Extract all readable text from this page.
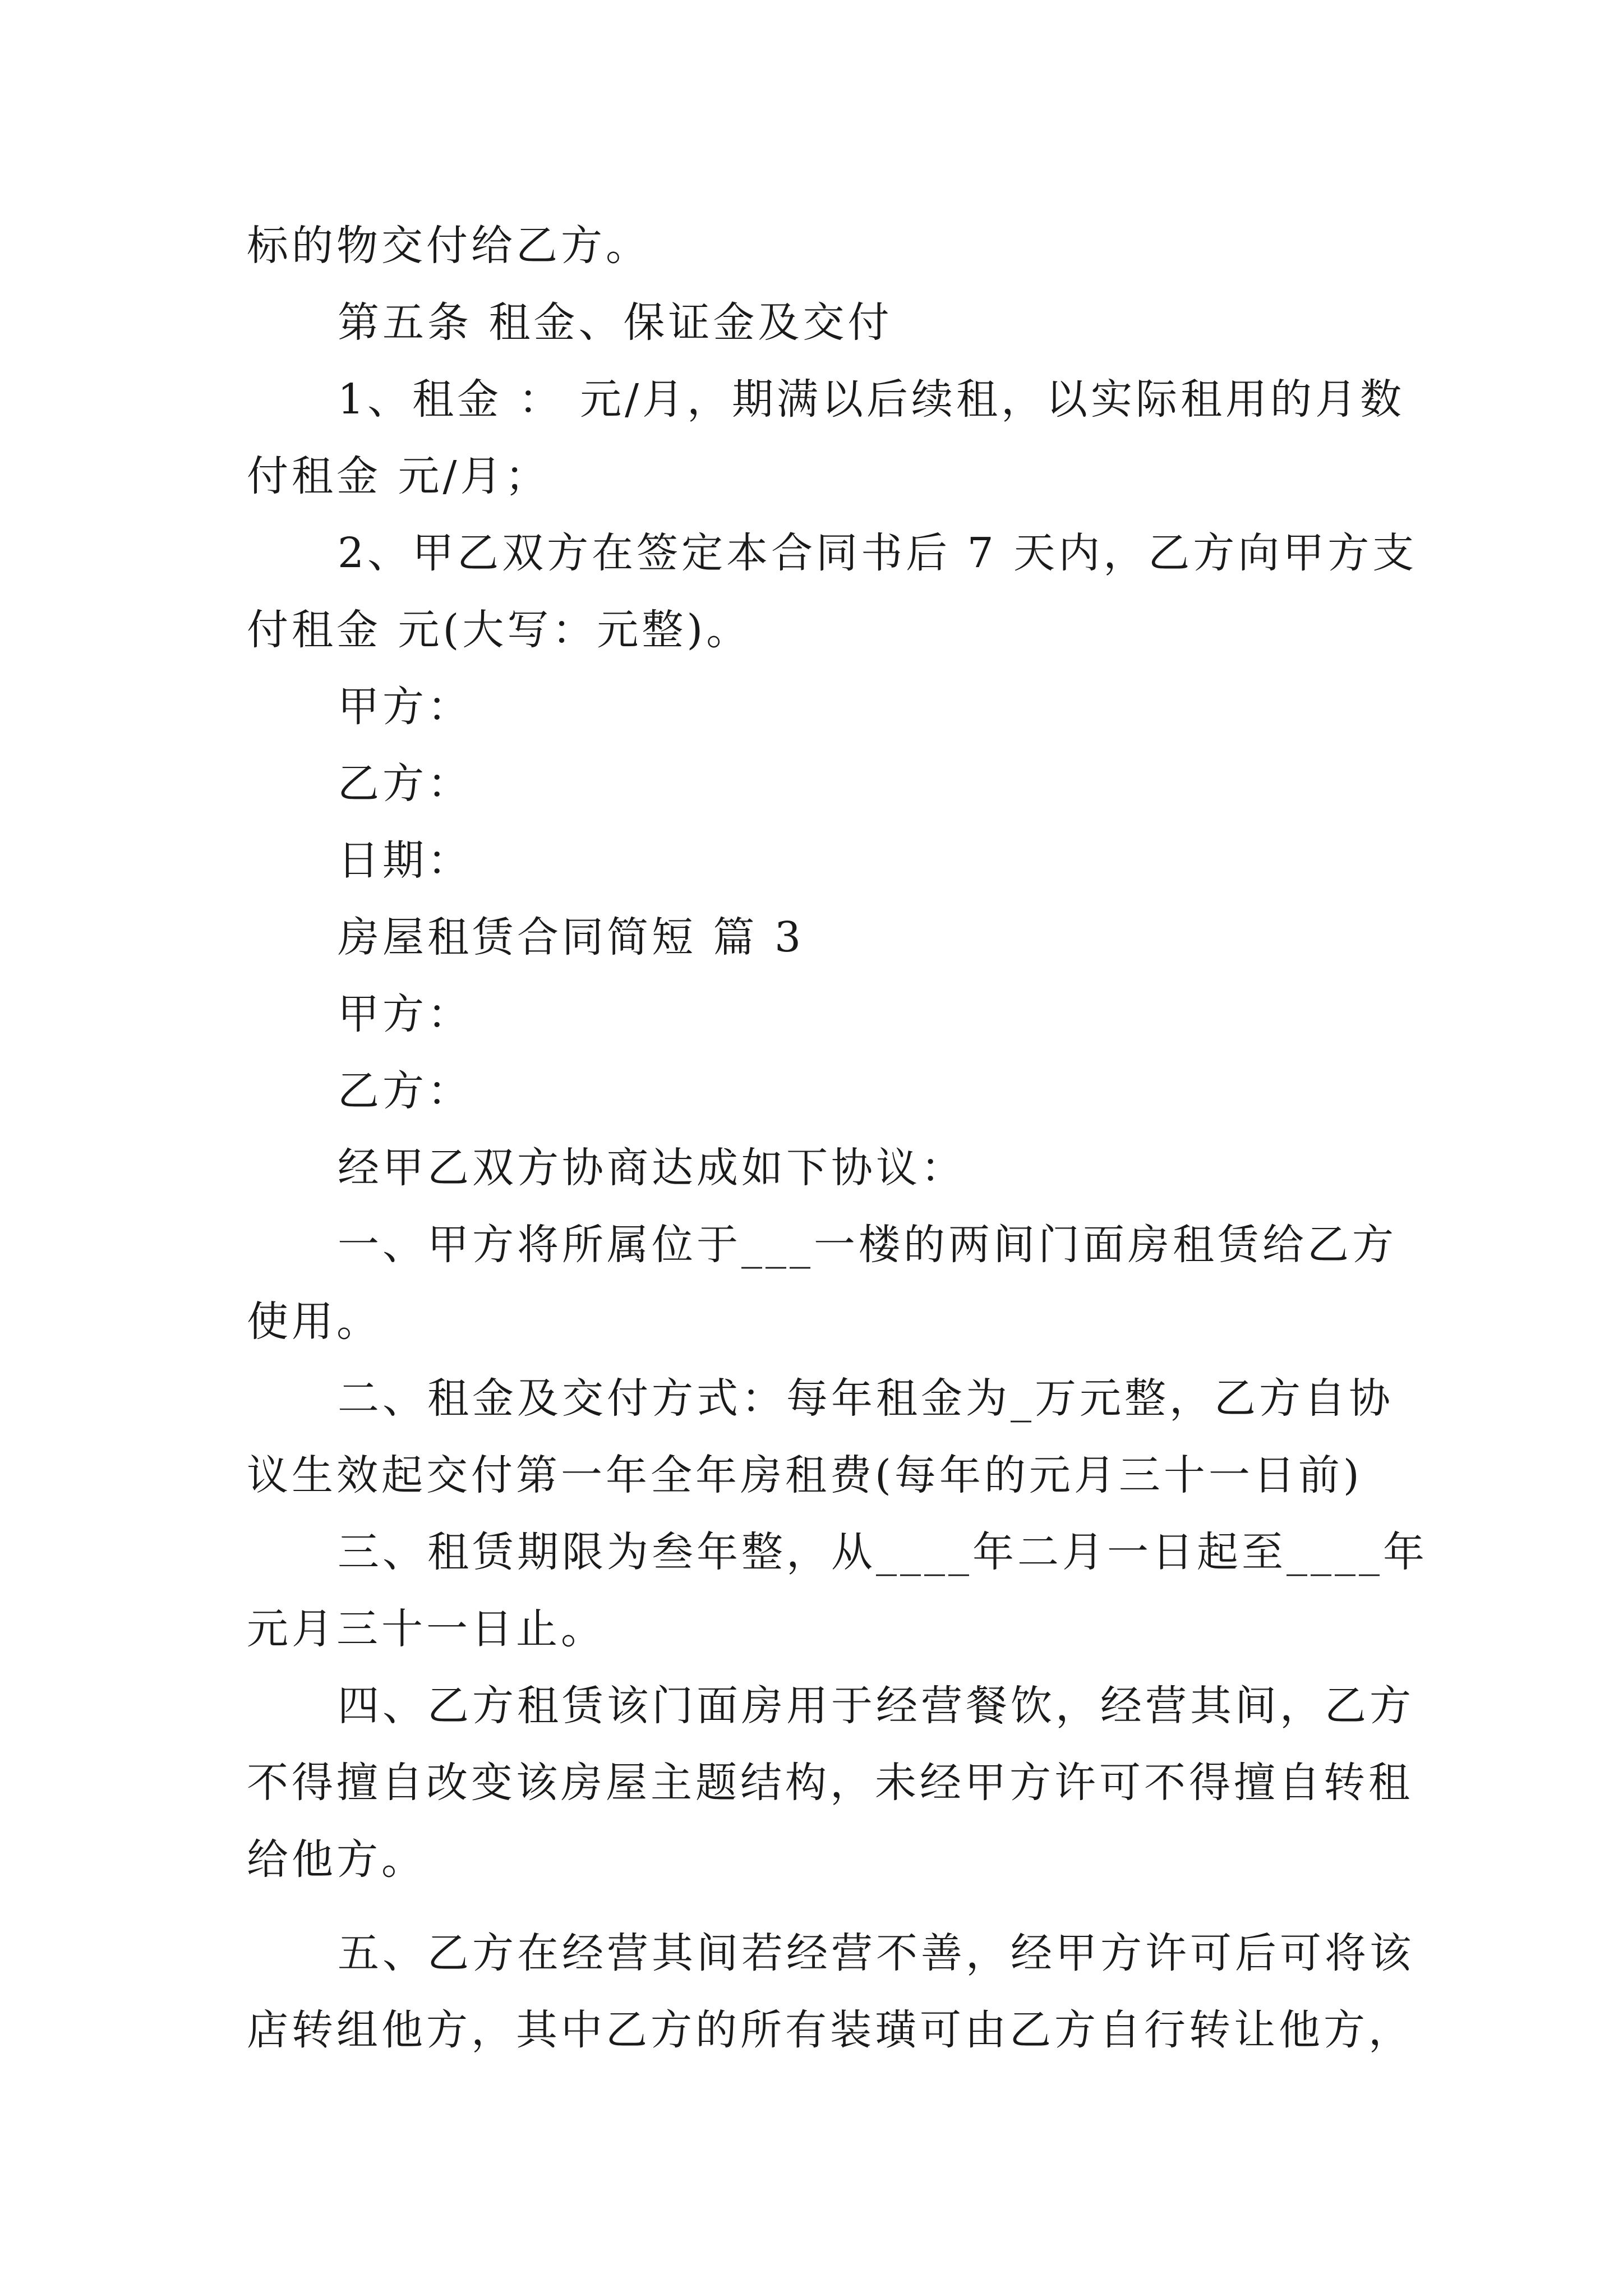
标的物交付给乙方。
第五条 租金、保证金及交付
1、租金 ： 元/月，期满以后续租，以实际租用的月数
付租金 元/月；
2、甲乙双方在签定本合同书后 7 天内，乙方向甲方支
付租金 元(大写：元整)。
甲方：
乙方：
日期：
房屋租赁合同简短 篇 3
甲方：
乙方：
经甲乙双方协商达成如下协议：
一、甲方将所属位于___一楼的两间门面房租赁给乙方
使用。
二、租金及交付方式：每年租金为_万元整，乙方自协
议生效起交付第一年全年房租费(每年的元月三十一日前)
三、租赁期限为叁年整，从____年二月一日起至____年
元月三十一日止。
四、乙方租赁该门面房用于经营餐饮，经营其间，乙方
不得擅自改变该房屋主题结构，未经甲方许可不得擅自转租
给他方。
五、乙方在经营其间若经营不善，经甲方许可后可将该
店转组他方，其中乙方的所有装璜可由乙方自行转让他方，
